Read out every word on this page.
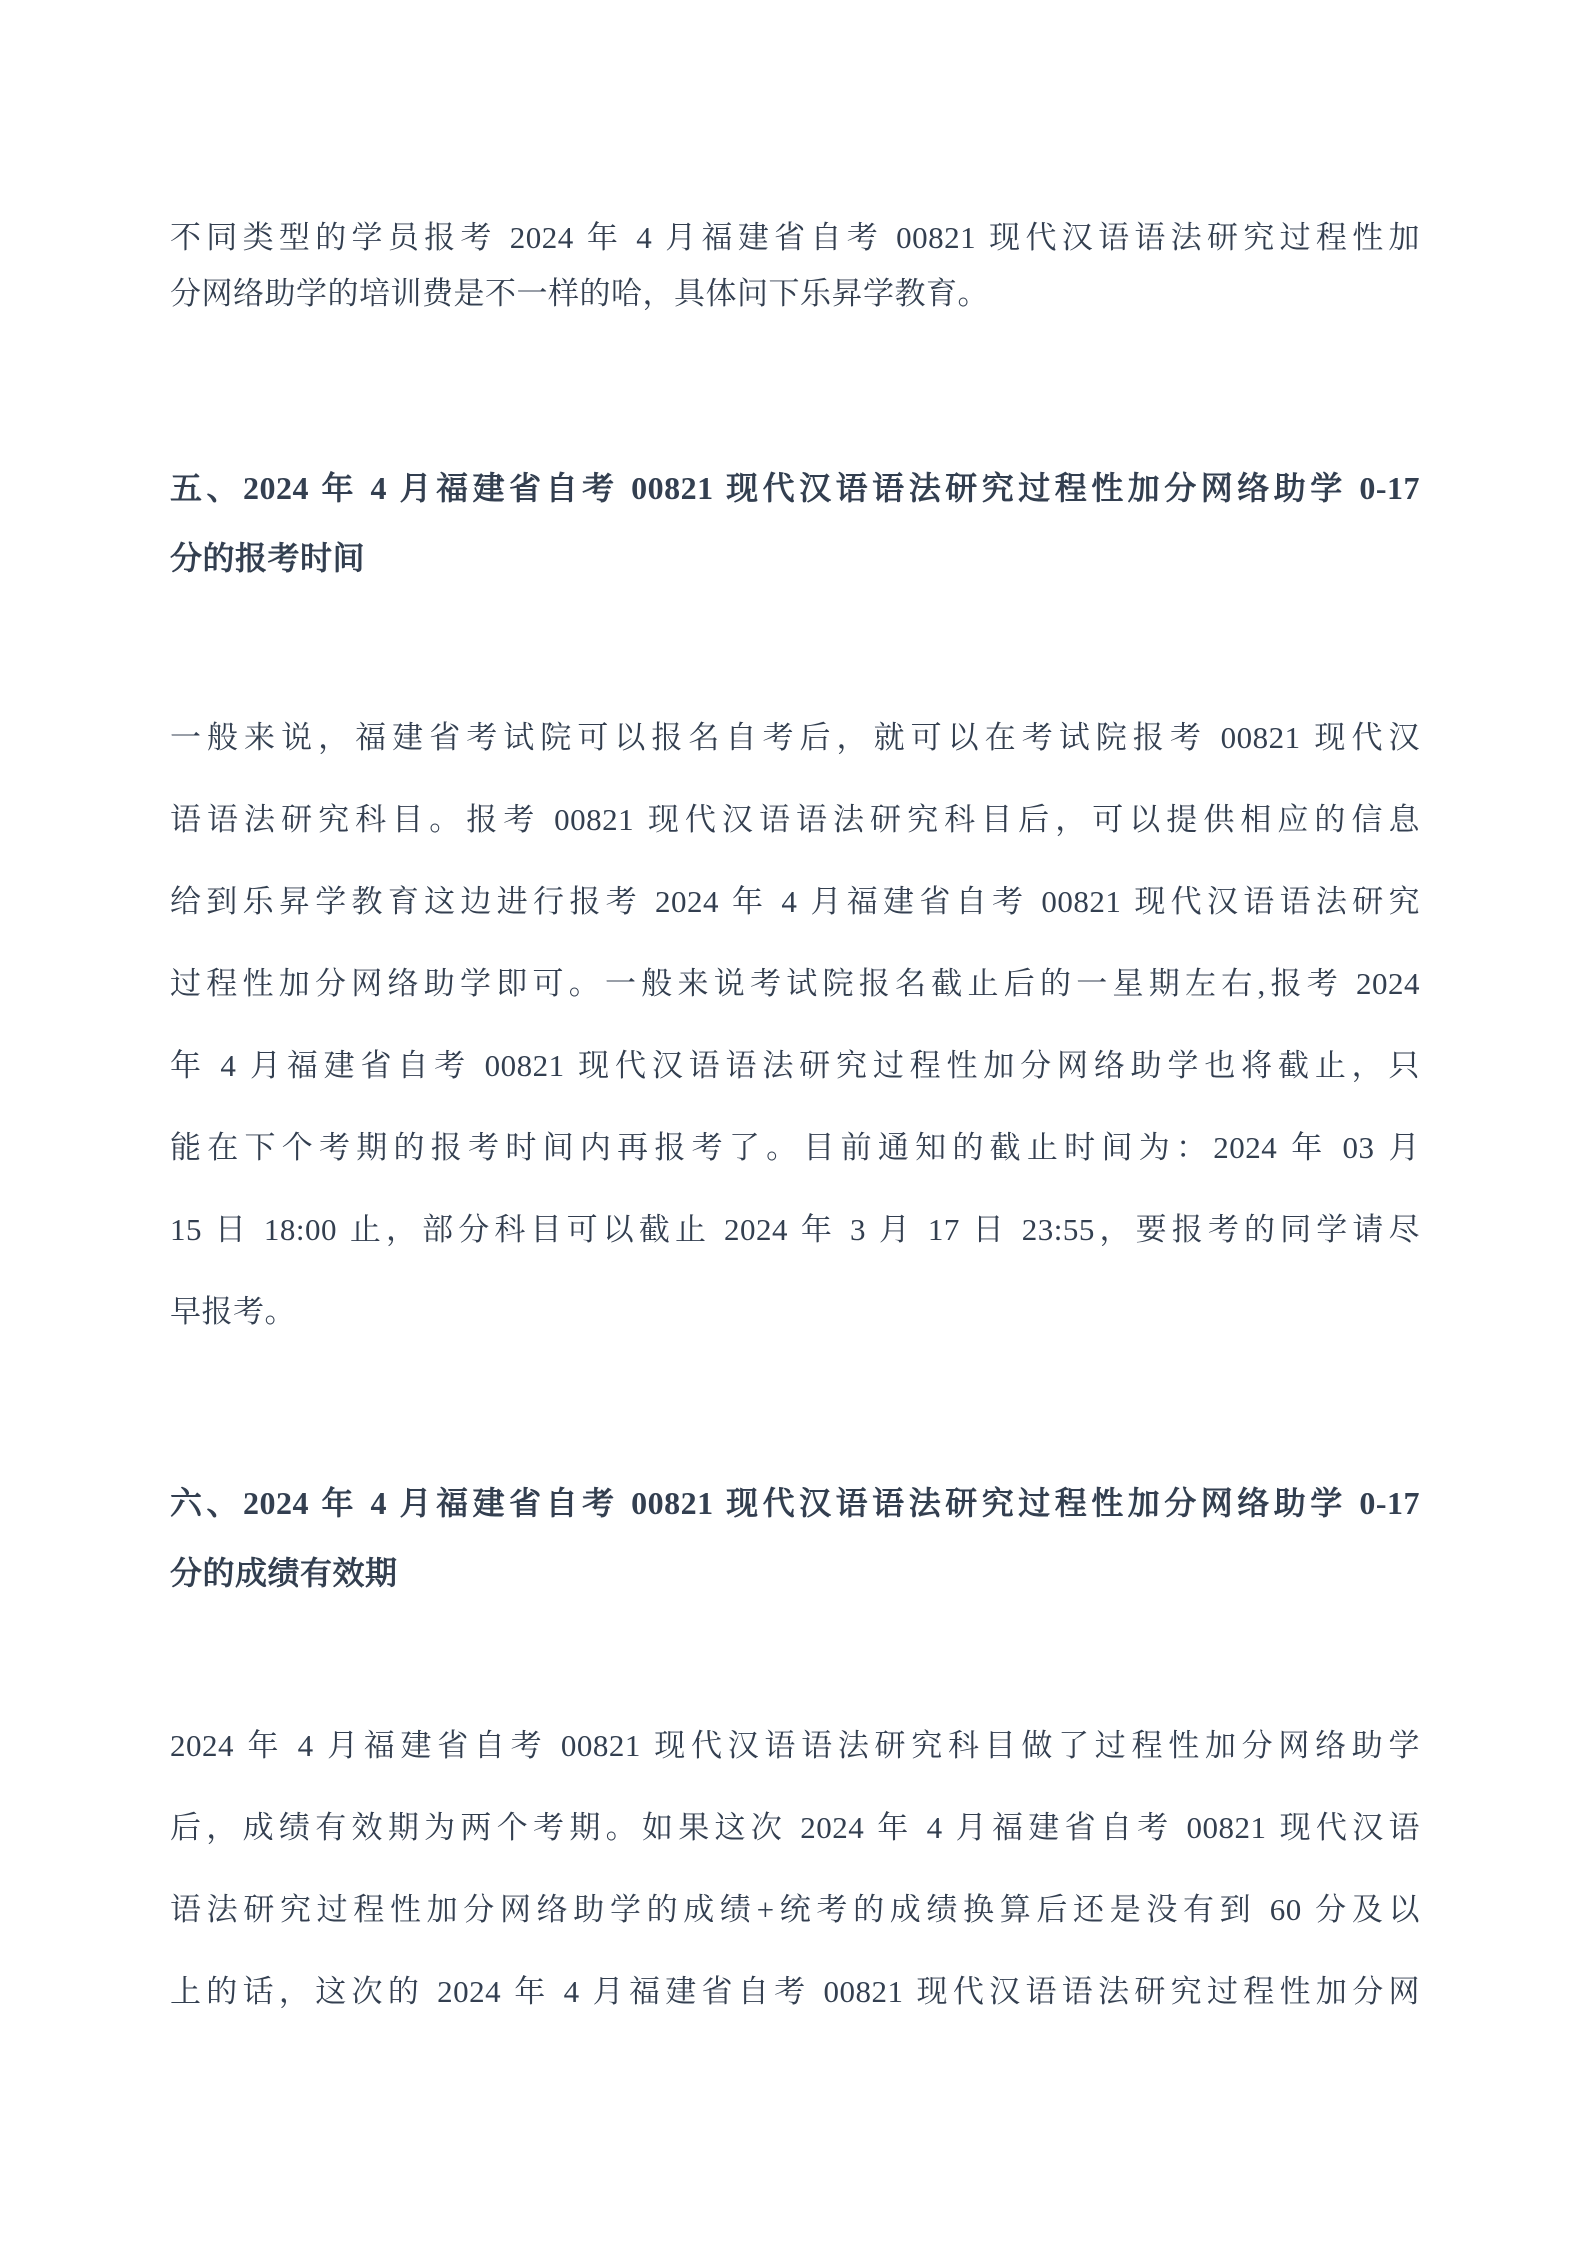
不同类型的学员报考 2024 年 4 月福建省自考 00821 现代汉语语法研究过程性加
分网络助学的培训费是不一样的哈，具体问下乐昇学教育。
五、2024 年 4 月福建省自考 00821 现代汉语语法研究过程性加分网络助学 0-17
分的报考时间
一般来说，福建省考试院可以报名自考后，就可以在考试院报考 00821 现代汉
语语法研究科目。报考 00821 现代汉语语法研究科目后，可以提供相应的信息
给到乐昇学教育这边进行报考 2024 年 4 月福建省自考 00821 现代汉语语法研究
过程性加分网络助学即可。一般来说考试院报名截止后的一星期左右,报考 2024
年 4 月福建省自考 00821 现代汉语语法研究过程性加分网络助学也将截止，只
能在下个考期的报考时间内再报考了。目前通知的截止时间为：2024 年 03 月
15 日 18:00 止，部分科目可以截止 2024 年 3 月 17 日 23:55，要报考的同学请尽
早报考。
六、2024 年 4 月福建省自考 00821 现代汉语语法研究过程性加分网络助学 0-17
分的成绩有效期
2024 年 4 月福建省自考 00821 现代汉语语法研究科目做了过程性加分网络助学
后，成绩有效期为两个考期。如果这次 2024 年 4 月福建省自考 00821 现代汉语
语法研究过程性加分网络助学的成绩+统考的成绩换算后还是没有到 60 分及以
上的话，这次的 2024 年 4 月福建省自考 00821 现代汉语语法研究过程性加分网
